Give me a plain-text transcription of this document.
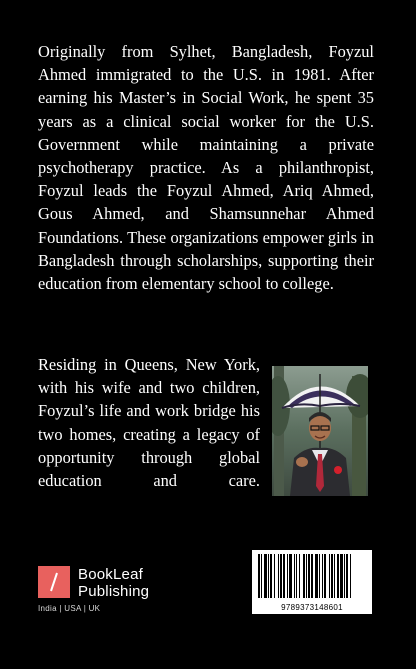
Originally from Sylhet, Bangladesh, Foyzul Ahmed immigrated to the U.S. in 1981. After earning his Master’s in Social Work, he spent 35 years as a clinical social worker for the U.S. Government while maintaining a private psychotherapy practice. As a philanthropist, Foyzul leads the Foyzul Ahmed, Ariq Ahmed, Gous Ahmed, and Shamsunnehar Ahmed Foundations. These organizations empower girls in Bangladesh through scholarships, supporting their education from elementary school to college.

Residing in Queens, New York, with his wife and two children, Foyzul’s life and work bridge his two homes, creating a legacy of opportunity through global education and care.

BookLeaf
Publishing
India | USA | UK	9789373148601
